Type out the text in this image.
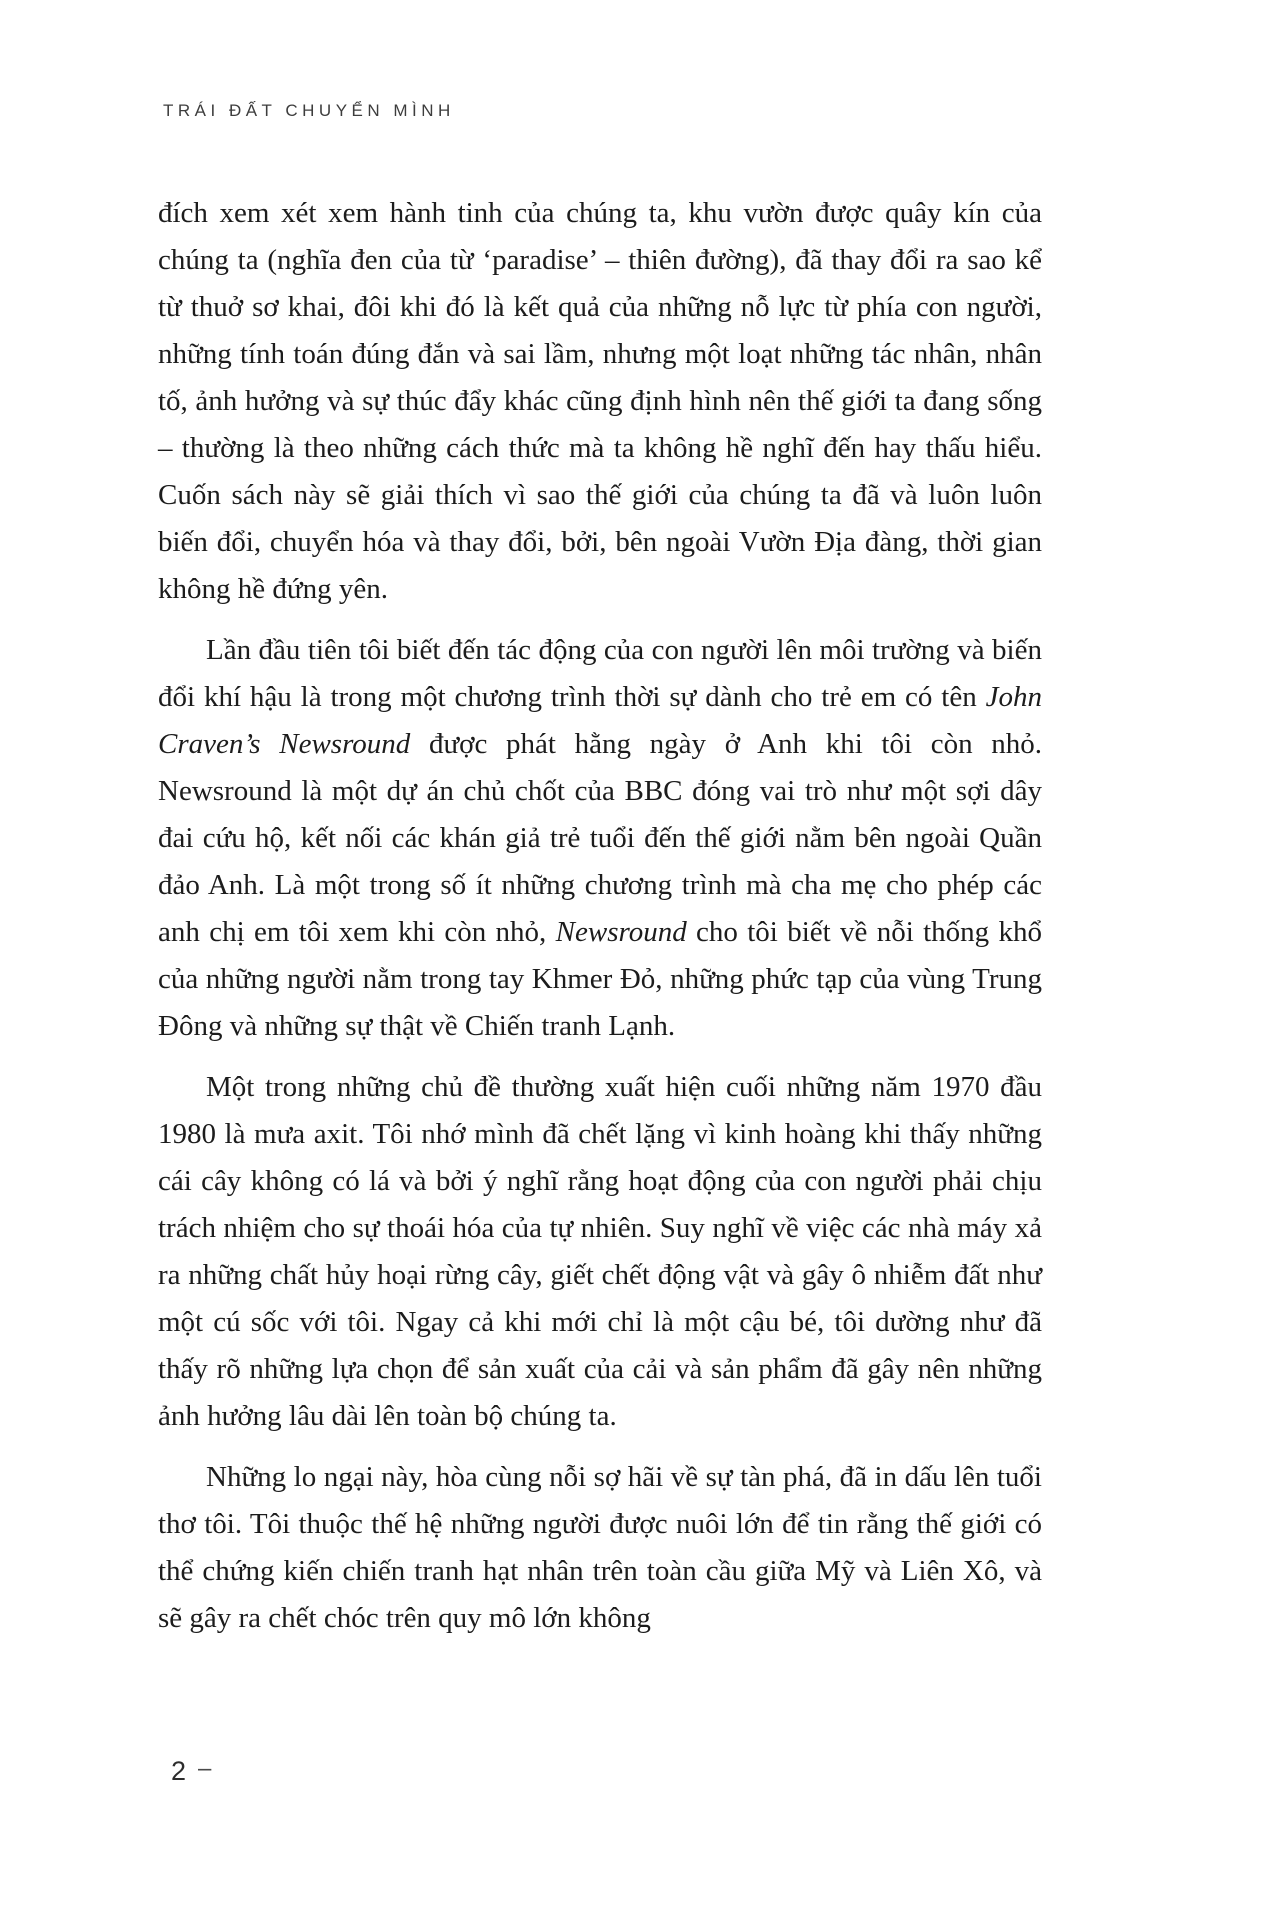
TRÁI ĐẤT CHUYỂN MÌNH

đích xem xét xem hành tinh của chúng ta, khu vườn được quây kín của chúng ta (nghĩa đen của từ ‘paradise’ – thiên đường), đã thay đổi ra sao kể từ thuở sơ khai, đôi khi đó là kết quả của những nỗ lực từ phía con người, những tính toán đúng đắn và sai lầm, nhưng một loạt những tác nhân, nhân tố, ảnh hưởng và sự thúc đẩy khác cũng định hình nên thế giới ta đang sống – thường là theo những cách thức mà ta không hề nghĩ đến hay thấu hiểu. Cuốn sách này sẽ giải thích vì sao thế giới của chúng ta đã và luôn luôn biến đổi, chuyển hóa và thay đổi, bởi, bên ngoài Vườn Địa đàng, thời gian không hề đứng yên.

Lần đầu tiên tôi biết đến tác động của con người lên môi trường và biến đổi khí hậu là trong một chương trình thời sự dành cho trẻ em có tên John Craven’s Newsround được phát hằng ngày ở Anh khi tôi còn nhỏ. Newsround là một dự án chủ chốt của BBC đóng vai trò như một sợi dây đai cứu hộ, kết nối các khán giả trẻ tuổi đến thế giới nằm bên ngoài Quần đảo Anh. Là một trong số ít những chương trình mà cha mẹ cho phép các anh chị em tôi xem khi còn nhỏ, Newsround cho tôi biết về nỗi thống khổ của những người nằm trong tay Khmer Đỏ, những phức tạp của vùng Trung Đông và những sự thật về Chiến tranh Lạnh.

Một trong những chủ đề thường xuất hiện cuối những năm 1970 đầu 1980 là mưa axit. Tôi nhớ mình đã chết lặng vì kinh hoàng khi thấy những cái cây không có lá và bởi ý nghĩ rằng hoạt động của con người phải chịu trách nhiệm cho sự thoái hóa của tự nhiên. Suy nghĩ về việc các nhà máy xả ra những chất hủy hoại rừng cây, giết chết động vật và gây ô nhiễm đất như một cú sốc với tôi. Ngay cả khi mới chỉ là một cậu bé, tôi dường như đã thấy rõ những lựa chọn để sản xuất của cải và sản phẩm đã gây nên những ảnh hưởng lâu dài lên toàn bộ chúng ta.

Những lo ngại này, hòa cùng nỗi sợ hãi về sự tàn phá, đã in dấu lên tuổi thơ tôi. Tôi thuộc thế hệ những người được nuôi lớn để tin rằng thế giới có thể chứng kiến chiến tranh hạt nhân trên toàn cầu giữa Mỹ và Liên Xô, và sẽ gây ra chết chóc trên quy mô lớn không

2 –
